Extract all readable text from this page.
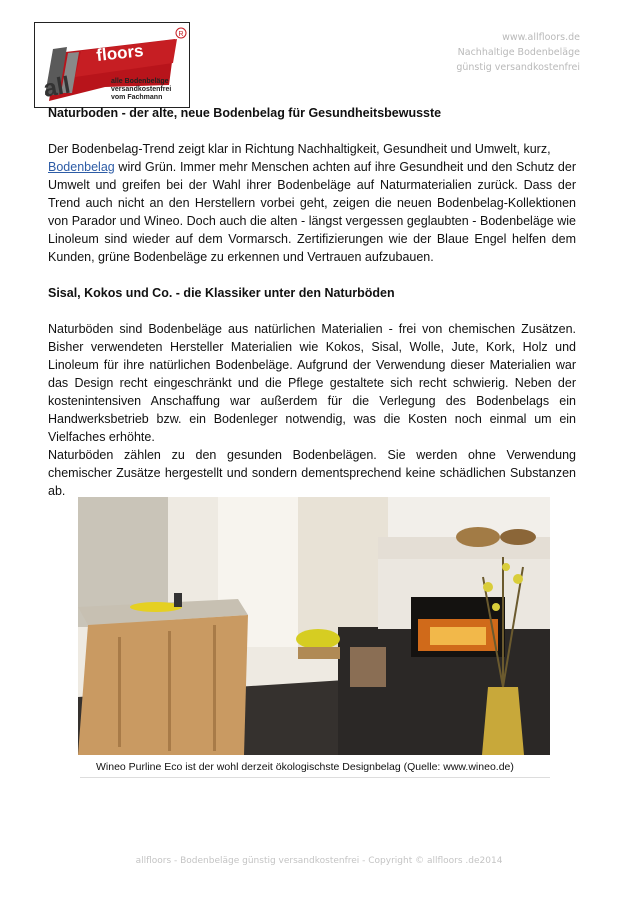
floors
all
R
alle Bodenbeläge
versandkostenfrei
vom Fachmann
www.allfloors.de
Nachhaltige Bodenbeläge
günstig versandkostenfrei
Naturboden - der alte, neue Bodenbelag für Gesundheitsbewusste

Der Bodenbelag-Trend zeigt klar in Richtung Nachhaltigkeit, Gesundheit und Umwelt, kurz,
Bodenbelag wird Grün. Immer mehr Menschen achten auf ihre Gesundheit und den Schutz der Umwelt und greifen bei der Wahl ihrer Bodenbeläge auf Naturmaterialien zurück. Dass der Trend auch nicht an den Herstellern vorbei geht, zeigen die neuen Bodenbelag-Kollektionen von Parador und Wineo. Doch auch die alten - längst vergessen geglaubten - Bodenbeläge wie Linoleum sind wieder auf dem Vormarsch. Zertifizierungen wie der Blaue Engel helfen dem Kunden, grüne Bodenbeläge zu erkennen und Vertrauen aufzubauen.

Sisal, Kokos und Co. - die Klassiker unter den Naturböden

Naturböden sind Bodenbeläge aus natürlichen Materialien - frei von chemischen Zusätzen. Bisher verwendeten Hersteller Materialien wie Kokos, Sisal, Wolle, Jute, Kork, Holz und Linoleum für ihre natürlichen Bodenbeläge. Aufgrund der Verwendung dieser Materialien war das Design recht eingeschränkt und die Pflege gestaltete sich recht schwierig. Neben der kostenintensiven Anschaffung war außerdem für die Verlegung des Bodenbelags ein Handwerksbetrieb bzw. ein Bodenleger notwendig, was die Kosten noch einmal um ein Vielfaches erhöhte.

Naturböden zählen zu den gesunden Bodenbelägen. Sie werden ohne Verwendung chemischer Zusätze hergestellt und sondern dementsprechend keine schädlichen Substanzen ab.

Wineo Purline Eco ist der wohl derzeit ökologischste Designbelag (Quelle: www.wineo.de)
allfloors - Bodenbeläge günstig versandkostenfrei - Copyright © allfloors .de2014
